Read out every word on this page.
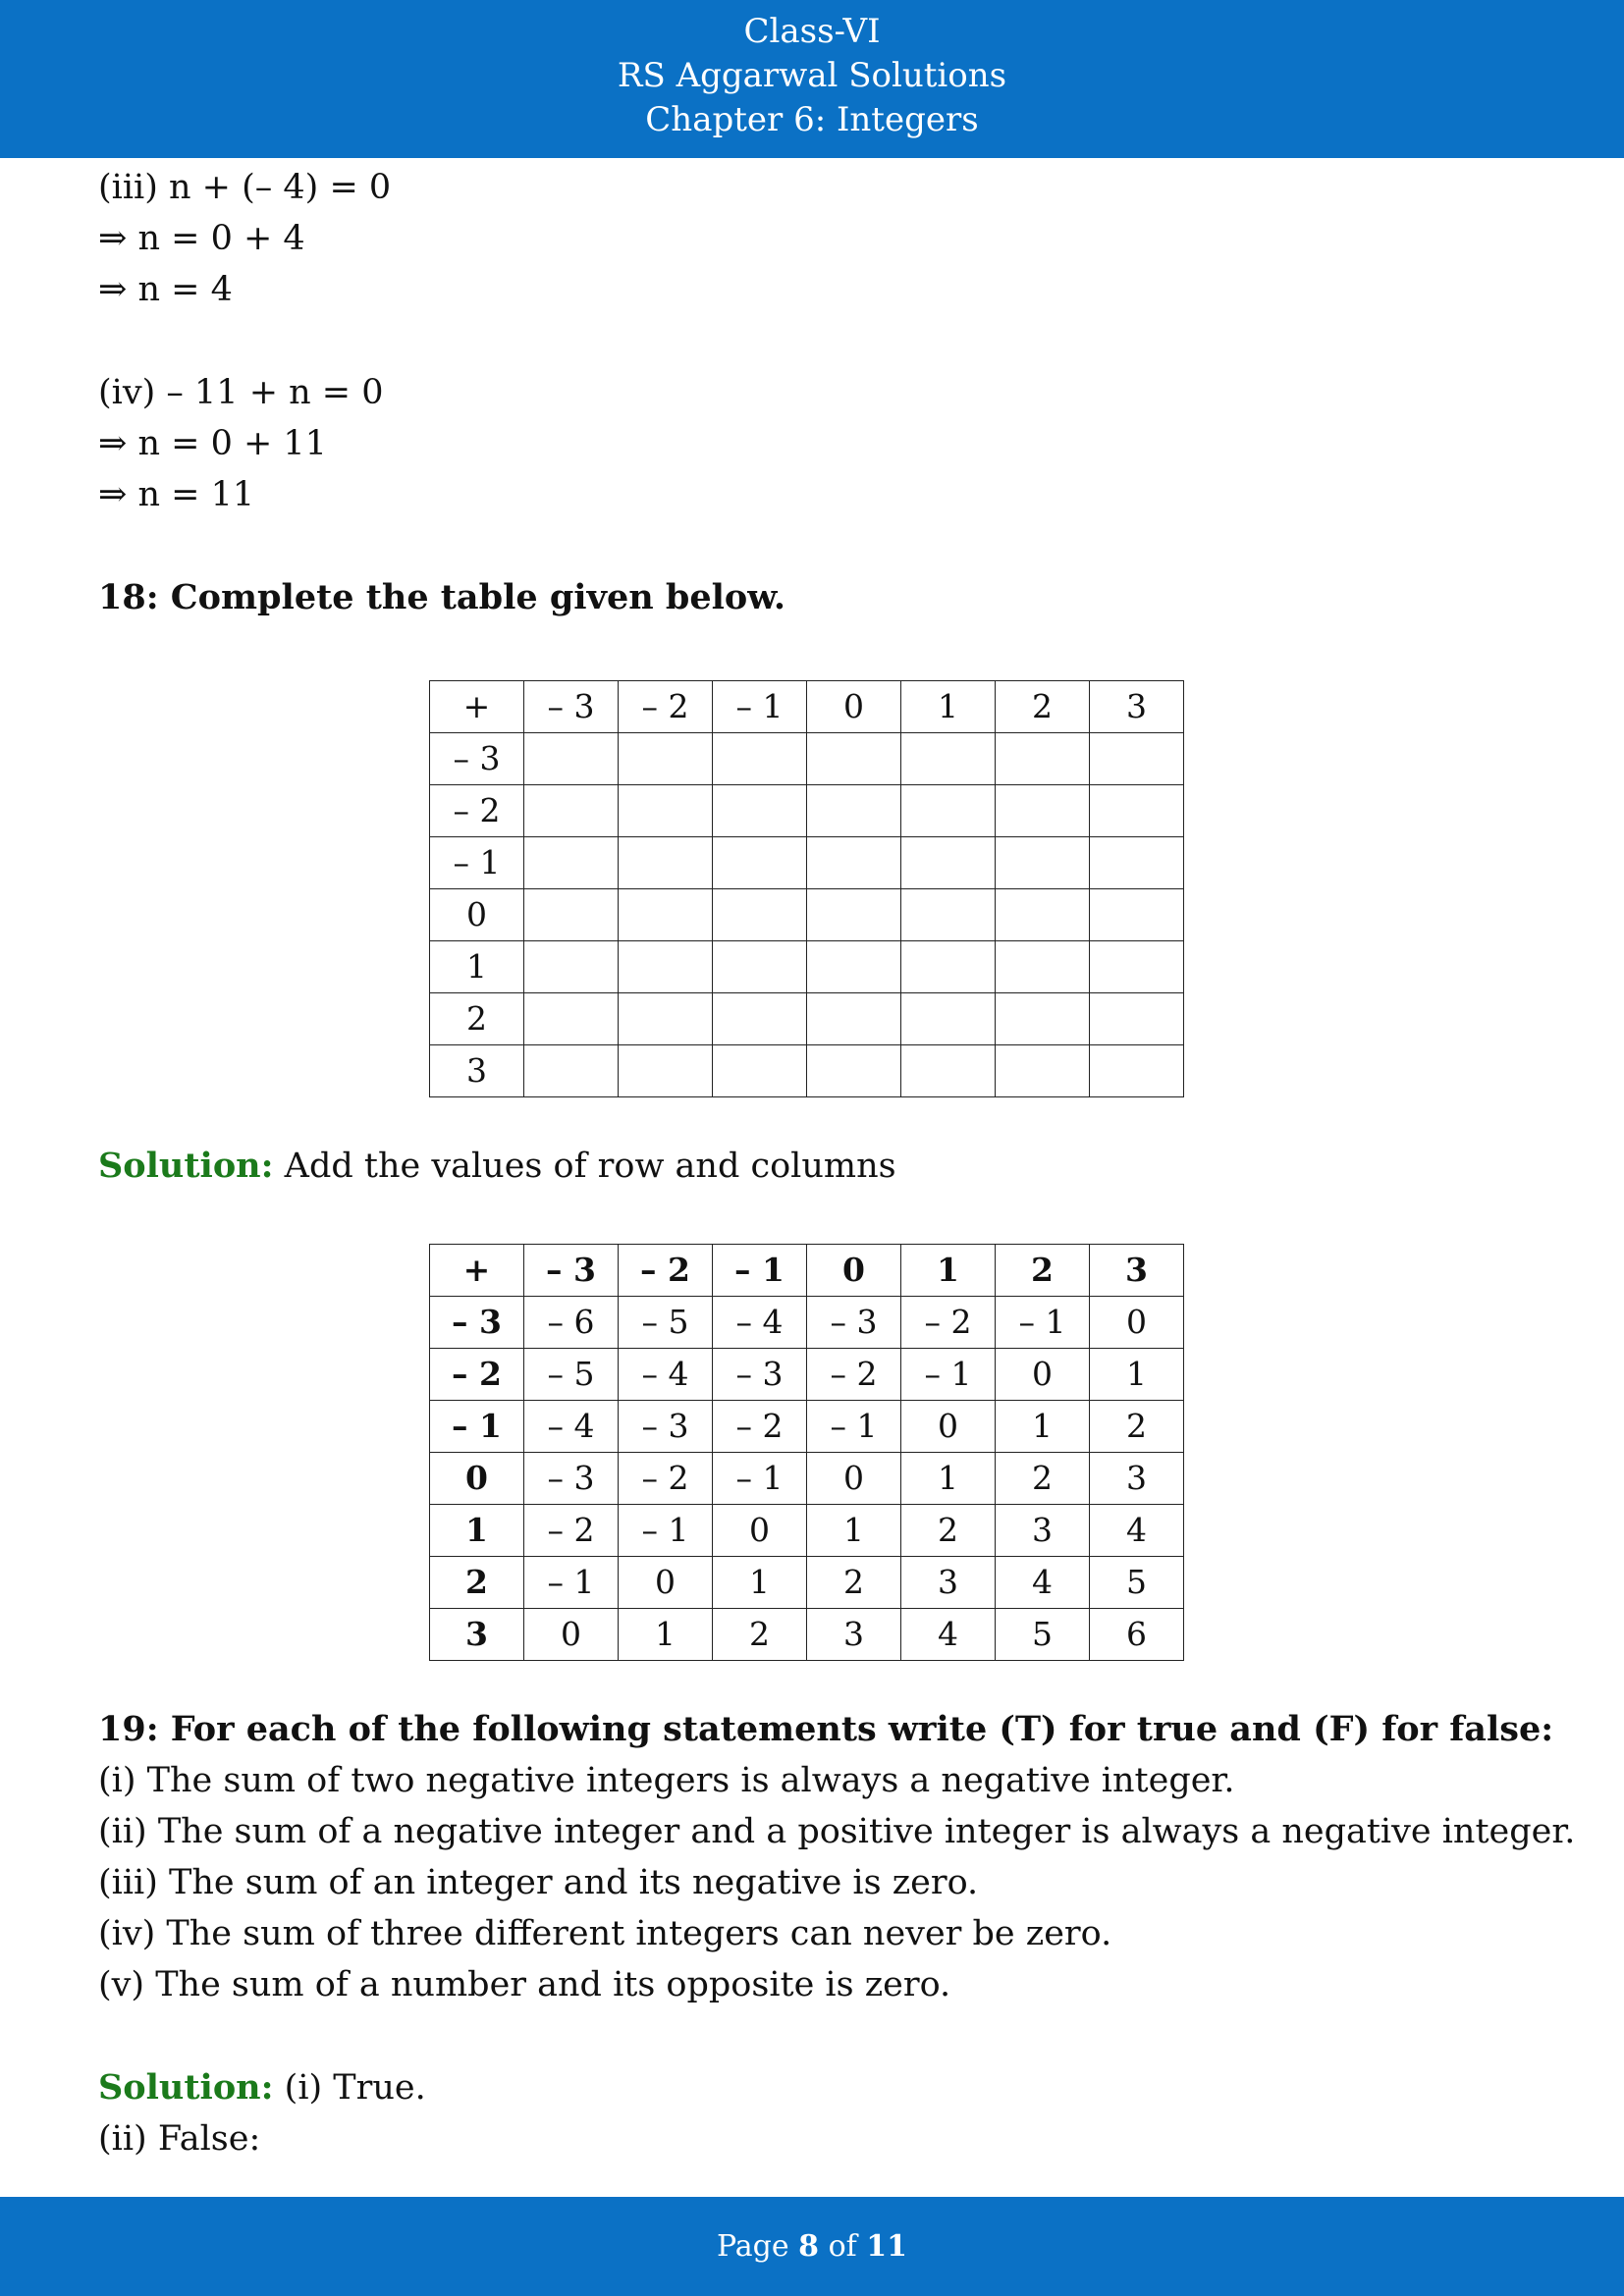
Class-VI
RS Aggarwal Solutions
Chapter 6: Integers
(iii) n + (– 4) = 0
⇒ n = 0 + 4
⇒ n = 4
(iv) – 11 + n = 0
⇒ n = 0 + 11
⇒ n = 11
18: Complete the table given below.
+	– 3	– 2	– 1	0	1	2	3
– 3							
– 2							
– 1							
0							
1							
2							
3							
Solution: Add the values of row and columns
+	– 3	– 2	– 1	0	1	2	3
– 3	– 6	– 5	– 4	– 3	– 2	– 1	0
– 2	– 5	– 4	– 3	– 2	– 1	0	1
– 1	– 4	– 3	– 2	– 1	0	1	2
0	– 3	– 2	– 1	0	1	2	3
1	– 2	– 1	0	1	2	3	4
2	– 1	0	1	2	3	4	5
3	0	1	2	3	4	5	6
19: For each of the following statements write (T) for true and (F) for false:
(i) The sum of two negative integers is always a negative integer.
(ii) The sum of a negative integer and a positive integer is always a negative integer.
(iii) The sum of an integer and its negative is zero.
(iv) The sum of three different integers can never be zero.
(v) The sum of a number and its opposite is zero.
Solution: (i) True.
(ii) False:
Page 8 of 11
